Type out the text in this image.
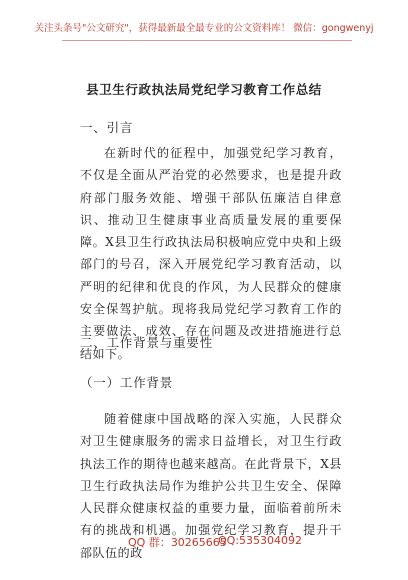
关注头条号"公文研究"，获得最新最全最专业的公文资料库！ 微信：gongwenyj
县卫生行政执法局党纪学习教育工作总结
一、引言
在新时代的征程中，加强党纪学习教育，不仅是全面从严治党的必然要求，也是提升政府部门服务效能、增强干部队伍廉洁自律意识、推动卫生健康事业高质量发展的重要保障。X县卫生行政执法局积极响应党中央和上级部门的号召，深入开展党纪学习教育活动，以严明的纪律和优良的作风，为人民群众的健康安全保驾护航。现将我局党纪学习教育工作的主要做法、成效、存在问题及改进措施进行总结如下。
二、工作背景与重要性
（一）工作背景
随着健康中国战略的深入实施，人民群众对卫生健康服务的需求日益增长，对卫生行政执法工作的期待也越来越高。在此背景下，X县卫生行政执法局作为维护公共卫生安全、保障人民群众健康权益的重要力量，面临着前所未有的挑战和机遇。加强党纪学习教育，提升干部队伍的政
QQ 群：30265665
QQ:535304092
